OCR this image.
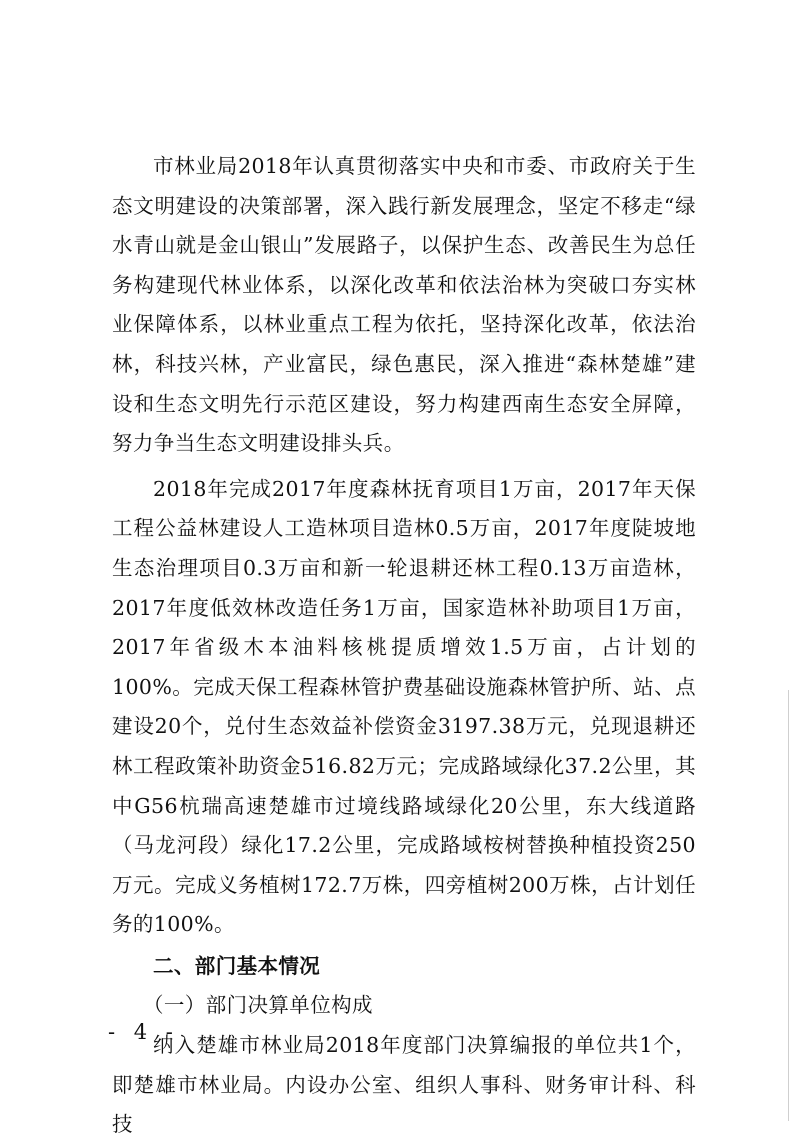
市林业局2018年认真贯彻落实中央和市委、市政府关于生态文明建设的决策部署，深入践行新发展理念，坚定不移走“绿水青山就是金山银山”发展路子，以保护生态、改善民生为总任务构建现代林业体系，以深化改革和依法治林为突破口夯实林业保障体系，以林业重点工程为依托，坚持深化改革，依法治林，科技兴林，产业富民，绿色惠民，深入推进“森林楚雄”建设和生态文明先行示范区建设，努力构建西南生态安全屏障，努力争当生态文明建设排头兵。

2018年完成2017年度森林抚育项目1万亩，2017年天保工程公益林建设人工造林项目造林0.5万亩，2017年度陡坡地生态治理项目0.3万亩和新一轮退耕还林工程0.13万亩造林，2017年度低效林改造任务1万亩，国家造林补助项目1万亩，2017年省级木本油料核桃提质增效1.5万亩，占计划的100%。完成天保工程森林管护费基础设施森林管护所、站、点建设20个，兑付生态效益补偿资金3197.38万元，兑现退耕还林工程政策补助资金516.82万元；完成路域绿化37.2公里，其中G56杭瑞高速楚雄市过境线路域绿化20公里，东大线道路（马龙河段）绿化17.2公里，完成路域桉树替换种植投资250万元。完成义务植树172.7万株，四旁植树200万株，占计划任务的100%。

二、部门基本情况

（一）部门决算单位构成

纳入楚雄市林业局2018年度部门决算编报的单位共1个，即楚雄市林业局。内设办公室、组织人事科、财务审计科、科技

- 4 -
